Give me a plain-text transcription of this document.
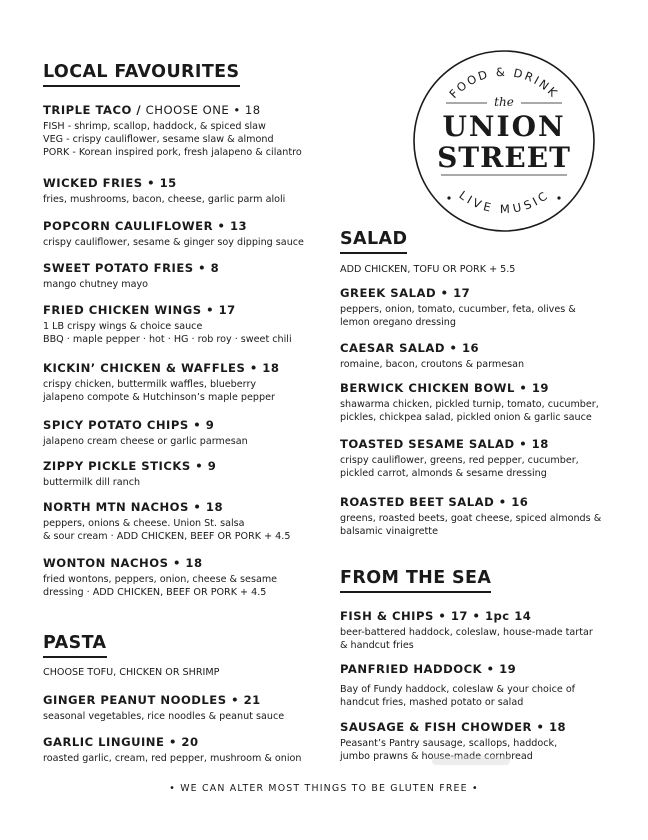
FOOD & DRINK
LIVE MUSIC
the
UNION
STREET
LOCAL FAVOURITES
TRIPLE TACO / CHOOSE ONE • 18
FISH - shrimp, scallop, haddock, & spiced slaw
VEG - crispy cauliflower, sesame slaw & almond
PORK - Korean inspired pork, fresh jalapeno & cilantro
WICKED FRIES • 15
fries, mushrooms, bacon, cheese, garlic parm aloli
POPCORN CAULIFLOWER • 13
crispy cauliflower, sesame & ginger soy dipping sauce
SWEET POTATO FRIES • 8
mango chutney mayo
FRIED CHICKEN WINGS • 17
1 LB crispy wings & choice sauce
BBQ · maple pepper · hot · HG · rob roy · sweet chili
KICKIN’ CHICKEN & WAFFLES • 18
crispy chicken, buttermilk waffles, blueberry
jalapeno compote & Hutchinson’s maple pepper
SPICY POTATO CHIPS • 9
jalapeno cream cheese or garlic parmesan
ZIPPY PICKLE STICKS • 9
buttermilk dill ranch
NORTH MTN NACHOS • 18
peppers, onions & cheese. Union St. salsa
& sour cream · ADD CHICKEN, BEEF OR PORK + 4.5
WONTON NACHOS • 18
fried wontons, peppers, onion, cheese & sesame
dressing · ADD CHICKEN, BEEF OR PORK + 4.5
PASTA
CHOOSE TOFU, CHICKEN OR SHRIMP
GINGER PEANUT NOODLES • 21
seasonal vegetables, rice noodles & peanut sauce
GARLIC LINGUINE • 20
roasted garlic, cream, red pepper, mushroom & onion
SALAD
ADD CHICKEN, TOFU OR PORK + 5.5
GREEK SALAD • 17
peppers, onion, tomato, cucumber, feta, olives &
lemon oregano dressing
CAESAR SALAD • 16
romaine, bacon, croutons & parmesan
BERWICK CHICKEN BOWL • 19
shawarma chicken, pickled turnip, tomato, cucumber,
pickles, chickpea salad, pickled onion & garlic sauce
TOASTED SESAME SALAD • 18
crispy cauliflower, greens, red pepper, cucumber,
pickled carrot, almonds & sesame dressing
ROASTED BEET SALAD • 16
greens, roasted beets, goat cheese, spiced almonds &
balsamic vinaigrette
FROM THE SEA
FISH & CHIPS • 17 • 1pc 14
beer-battered haddock, coleslaw, house-made tartar
& handcut fries
PANFRIED HADDOCK • 19
Bay of Fundy haddock, coleslaw & your choice of
handcut fries, mashed potato or salad
SAUSAGE & FISH CHOWDER • 18
Peasant’s Pantry sausage, scallops, haddock,
jumbo prawns & house-made cornbread
• WE CAN ALTER MOST THINGS TO BE GLUTEN FREE •
